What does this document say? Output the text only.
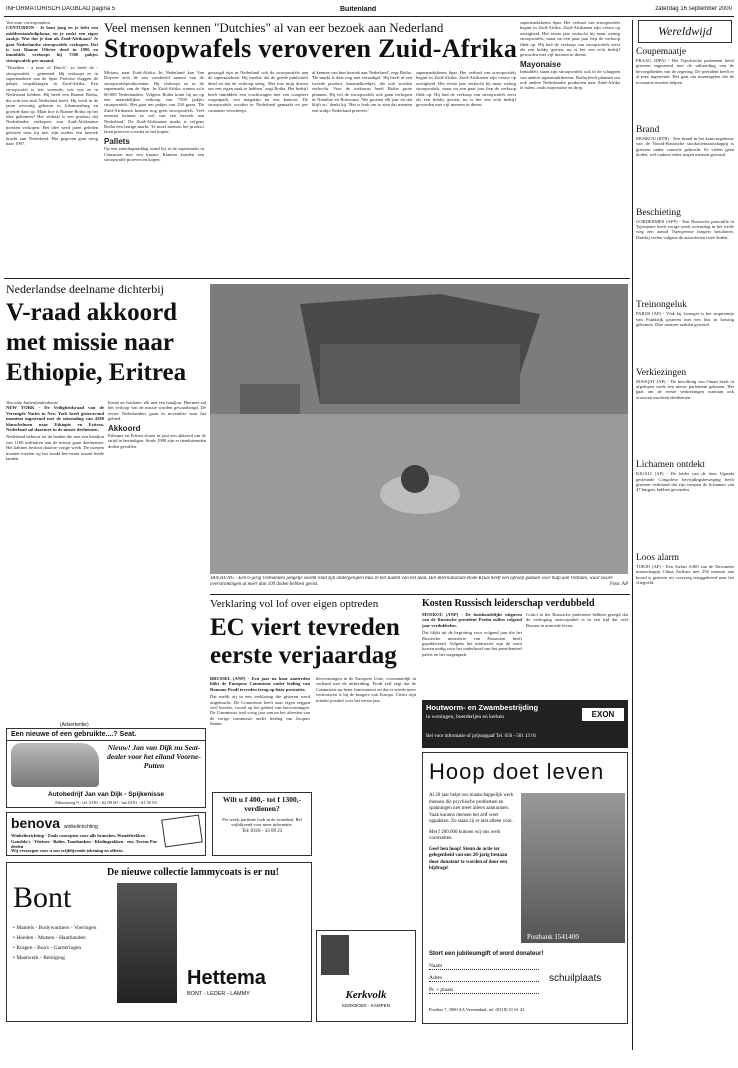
INFORMATORISCH DAGBLAD pagina 5	Buitenland	zaterdag 16 september 2000
Van onze correspondent

CENTURION - Je bent jong en je hebt een middenstandsdiploma, en je zoekt een eigen zaakje. Wat doe je dan als Zuid-Afrikaan? Je gaat Nederlandse stroopwafels verkopen. Dat is wat Rianne Olivier deed in 1996 en inmiddels verkoopt hij 7500 pakjes stroopwafels per maand.

"Dutchies - a taste of Dutch", zo heeft de - stroopwafels - genoemd. Hij verkoopt ze in supermarkten van de Spar. Pretoria vlaggen de pakjes verpakkingen in Zuid-Afrika. Een stroopwafel is iets vreemds, iets wat ze in Nederland hebben. Hij heeft een Rianne Botha, die ook een stuk Nederland heeft. Hij werd in de jaren zeventig geboren in Johannesburg en groeide daar op. Maar hoe is Rianne Botha op het idee gekomen? Het verhaal is een product dat Nederlandse verkopers aan Zuid-Afrikaanse mensen verkopen. Het idee werd jaren geleden geboren toen hij met zijn ouders een bezoek bracht aan Nederland. Het gegeven gaat terug naar 1997.

Veel mensen kennen "Dutchies" al van eer bezoek aan Nederland
Stroopwafels veroveren Zuid-Afrika

Miriam, naar Zuid-Afrika. In Nederland kan Van Duyven zich de een voorbeeld nemen van de stroopwafelproducenten. Hij verkoopt ze in de supermarkt van de Spar. In Zuid-Afrika wonen zo'n 60.000 Nederlanders. Volgens Botha komt hij nu op een maandelijkse verkoop van 7500 pakjes stroopwafels. Het gaat om pakjes van 250 gram. 'De Zuid-Afrikanen kennen nog geen stroopwafels. Veel mensen kennen ze wel van een bezoek aan Nederland.' De Zuid-Afrikaanse markt is volgens Botha een lastige markt. 'Je moet mensen het product laten proeven voordat ze het kopen.'

Pallets

Op een zaterdagmiddag stond hij in de supermarkt in Centurion met een kraam. Klanten konden een stroopwafel proeven en kopen.

gestaagd zijn in Nederland ook de stroopwafels aan de supermarkten. Hij merkte dat de goede publiciteit deed en dat de verkoop steeg. 'Het was mijn droom om een eigen zaak te hebben,' zegt Botha. Het bedrijf heeft inmiddels een vrachtwagen met een compleet wagenpark, een magazijn en een kantoor. De stroopwafels worden in Nederland gemaakt en per container verscheept.

al kennen van hun bezoek aan Nederland', zegt Botha. 'De markt is daar nog niet verzadigd.' Hij heeft al een tweede product, karamelkoekjes, die ook worden verkocht. Voor de toekomst heeft Botha grote plannen. Hij wil de stroopwafels ook gaan verkopen in Namibie en Botswana. 'We groeien elk jaar en dat blijft zo,' denkt hij. 'Het is leuk om te zien dat mensen een stukje Nederland proeven.'

supermarktketen Spar. Het verhaal van stroopwafels begint in Zuid-Afrika. Zuid-Afrikanen zijn verzot op zoetigheid. Het eerste jaar verkocht hij maar weinig stroopwafels, maar na een paar jaar liep de verkoop flink op. Hij had de verkoop van stroopwafels eerst als een hobby gezien, nu is het een echt bedrijf geworden met vijf mensen in dienst.

supermarktketen Spar. Het verhaal van stroopwafels begint in Zuid-Afrika. Zuid-Afrikanen zijn verzot op zoetigheid. Het eerste jaar verkocht hij maar weinig stroopwafels, maar na een paar jaar liep de verkoop flink op. Hij had de verkoop van stroopwafels eerst als een hobby gezien, nu is het een echt bedrijf geworden met vijf mensen in dienst.

Mayonaise

Inmiddels staan zijn stroopwafels ook in de schappen van andere supermarktketens. Botha heeft plannen om ook andere Nederlandse producten naar Zuid-Afrika te halen, zoals mayonaise en drop.

Wereldwijd
Coupemaatje
PRAAG (DPA) - Het Tsjechische parlement heeft gisteren ingestemd met de uitbreiding van de bevoegdheden van de regering. De president heeft er al mee ingestemd. Het gaat om maatregelen die de economie moeten helpen.
Brand
MOSKOU (RTR) - Een brand in het kantoorgebouw van de Noord-Russische stookoliemaatschappij is gisteren onder controle gebracht. Er vielen geen doden, wel raakten zeker negen mensen gewond.
Beschieting
GORDERMES (AFP) - Een Russische patrouille in Tsjetsjenie heeft vorige week woensdag in het wilde weg een aantal Tsjetsjeense burgers beschoten. Daarbij vielen volgens de autoriteiten twee doden.
Treinongeluk
PARIJS (AP) - Vlak bij Limoges is het stoptreintje van Frankrijk gisteren met een bus in botsing gekomen. Drie mensen raakten gewond.
Verkiezingen
MASQAT (AP) - De bevolking van Oman heeft in afgelopen week een nieuw parlement gekozen. Het gaat om de eerste verkiezingen waaraan ook vrouwen mochten deelnemen.
Lichamen ontdekt
KIGALI (AP) - De leider van de door Uganda gesteunde Congolese bevrijdingsbeweging heeft gisteren verklaard dat zijn troepen de lichamen van 47 burgers hebben gevonden.
Loos alarm
TOKIO (AP) - Een Airbus A300 van de Taiwanese maatschappij China Airlines met 256 mensen aan boord is gisteren uit voorzorg teruggekeerd naar het vliegveld.
Nederlandse deelname dichterbij
V-raad akkoord met missie naar Ethiopie, Eritrea
Van onze buitenlandredactie

NEW YORK - De Veiligheidsraad van de Verenigde Naties in New York heeft gisteravond unaniem ingestemd met de uitzending van 4200 blauwhelmen naar Ethiopie en Eritrea. Nederland zal daarmee in de missie deelnemen.

Nederland behoort tot de landen die met een bataljon van 1100 militairen aan de missie gaan deelnemen. Het kabinet besloot daartoe vorige week. De troepen moeten toezien op het staakt-het-vuren tussen beide landen.

Kenia en Jordanie, elk met een bataljon. Hiermee zal het verloop van de missie worden gewaarborgd. De eerste Nederlanders gaan in november naar het gebied.

Akkoord

Ethiopie en Eritrea sloten in juni een akkoord om de strijd te beeindigen. Sinds 1998 zijn er tienduizenden doden gevallen.

TAN HUNG - Een 6-jarig Vietnamees jongetje zwemt rond zijn ondergelopen huis in het zuiden van het land. Het Internationale Rode Kruis heeft een oproep gedaan voor hulp aan Vietnam, waar zware overstromingen al meer dan 100 doden hebben geeist.	Foto: AP
Verklaring vol lof over eigen optreden
EC viert tevreden eerste verjaardag

BRUSSEL (ANP) - Een jaar na haar aantreden blikt de Europese Commissie onder leiding van Romano Prodi tevreden terug op haar prestaties.

Dat meldt zij in een verklaring die gisteren werd uitgebracht. De Commissie heeft naar eigen zeggen veel bereikt, vooral op het gebied van hervormingen. De Commissie trad vorig jaar aan na het aftreden van de vorige commissie onder leiding van Jacques Santer.

hervormingen in de Europese Unie, voornamelijk in verband met de uitbreiding. Prodi zelf zegt dat de Commissie nu beter functioneert en dat er steeds meer vertrouwen is bij de burgers van Europa. Critici zijn minder positief over het eerste jaar.

Kosten Russisch leiderschap verdubbeld

MOSKOU (ANP) - De huishoudelijke uitgaven van de Russische president Poetin zullen volgend jaar verdubbelen.

Dat blijkt uit de begroting voor volgend jaar die het Russische ministerie van Financien heeft gepubliceerd. Volgens het ministerie zijn de extra kosten nodig voor het onderhoud van het presidentieel paleis en het wagenpark.

Critici in het Russische parlement hebben gezegd dat de verhoging onacceptabel is in een tijd dat veel Russen in armoede leven.

(Advertentie)
Een nieuwe of een gebruikte....? Seat.
Nieuw! Jan van Dijk nu Seat-dealer voor het eiland Voorne-Putten
Autobedrijf Jan van Dijk - Spijkenisse
Edisonweg 9 - tel. 0181 - 62 09 00 - fax 0181 - 61 05 93
benova winkelinrichting
Winkelinrichting - Zoals concepten voor alle branches. Wandelrekken - Gondola's - Vitrines - Balies. Toonbanken - Kledingrekken - enz. Tevens Pas-deelen
Wij verzorgen voor u een vrijblijvende tekening en offerte.
De nieuwe collectie lammycoats is er nu!
Bont
• Mantels - Bodywarmers - Voeringen
• Hoeden - Mutsen - Haarbanden
• Kragen - Boa's - Garneringen
• Maatwerk - Reiniging
Hettema
BONT - LEDER - LAMMY
Wilt u f 400,- tot f 1300,- verdienen?
Per week, parttime (ook in de avonden). Bel vrijblijvend voor meer informatie.
Tel: 0318 - 43 09 23
Kerkvolk
KERKBOEK - KAMPEN
Houtworm- en Zwambestrijding
in woningen, boerderijen en kerken
Bel voor informatie of prijsopgaaf Tel. 050 - 501 13 91
EXON
Hoop doet leven
Al 20 jaar helpt ons maatschappelijk werk mensen die psychische problemen en spanningen niet meer alleen aankunnen. Vaak kunnen mensen het zelf weer oppakken. Zo staan zij er niet alleen voor.

Met f 200.000 kunnen wij ons werk voortzetten.

Geef hen hoop! Steun de actie ter gelegenheid van ons 20-jarig bestaan door donateur te worden of door een bijdrage!

Postbank 1541400
Stort een jubileumgift of word donateur!
Naam
Adres
Pc + plaats
schuilplaats
Postbus 7, 3900 AA Veenendaal, tel. (0318) 51 61 23
